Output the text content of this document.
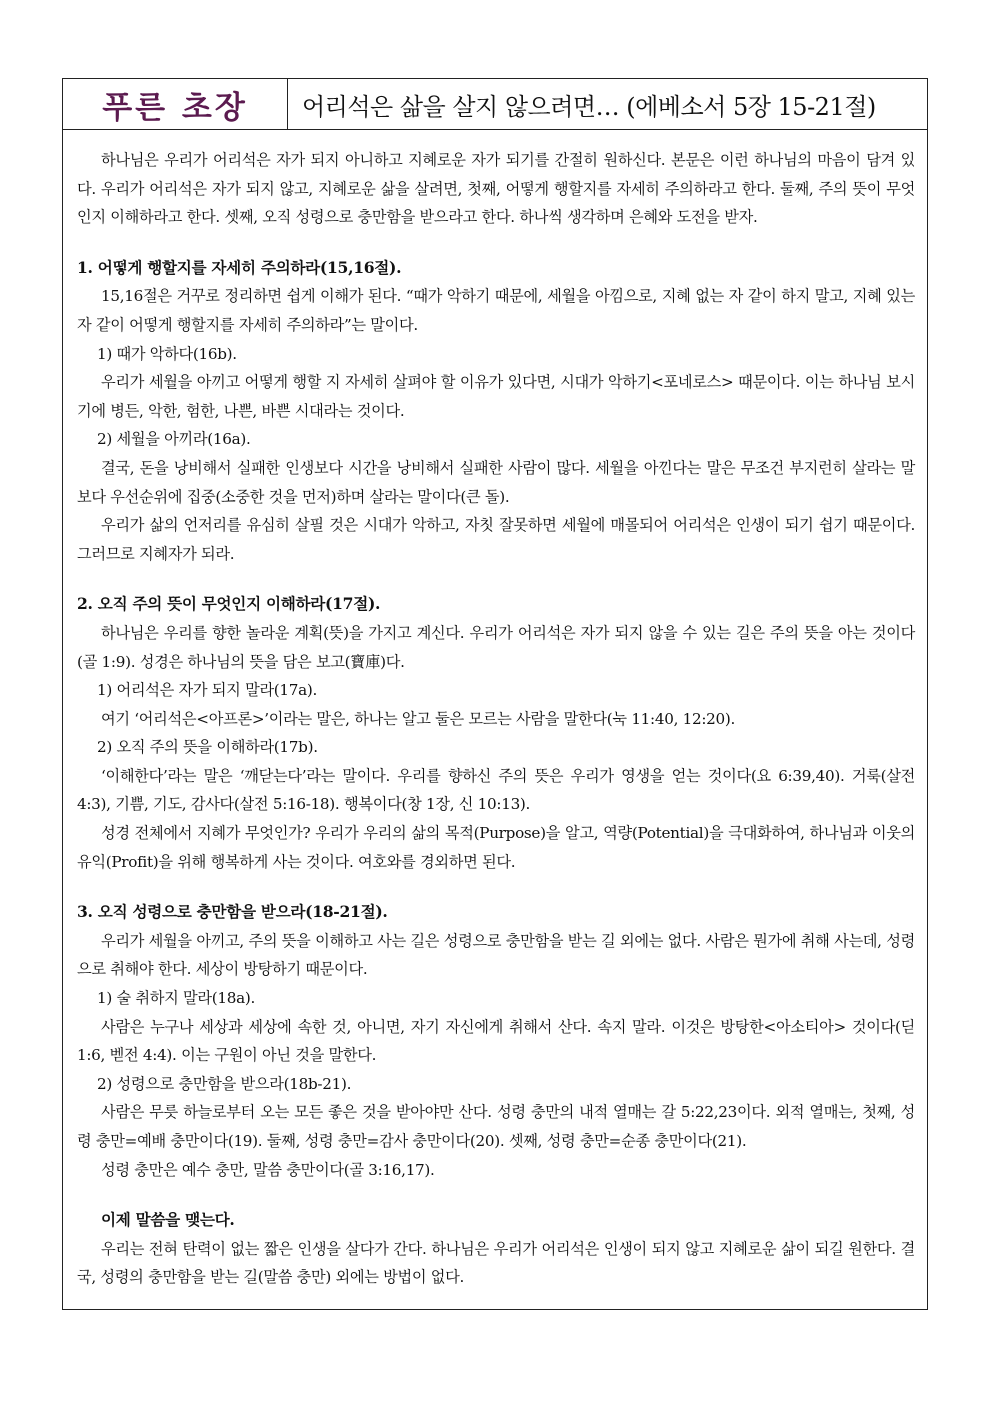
푸른 초장 어리석은 삶을 살지 않으려면… (에베소서 5장 15-21절)

하나님은 우리가 어리석은 자가 되지 아니하고 지혜로운 자가 되기를 간절히 원하신다. 본문은 이런 하나님의 마음이 담겨 있다. 우리가 어리석은 자가 되지 않고, 지혜로운 삶을 살려면, 첫째, 어떻게 행할지를 자세히 주의하라고 한다. 둘째, 주의 뜻이 무엇인지 이해하라고 한다. 셋째, 오직 성령으로 충만함을 받으라고 한다. 하나씩 생각하며 은혜와 도전을 받자.

1. 어떻게 행할지를 자세히 주의하라(15,16절).

15,16절은 거꾸로 정리하면 쉽게 이해가 된다. “때가 악하기 때문에, 세월을 아낌으로, 지혜 없는 자 같이 하지 말고, 지혜 있는 자 같이 어떻게 행할지를 자세히 주의하라”는 말이다.

1) 때가 악하다(16b).

우리가 세월을 아끼고 어떻게 행할 지 자세히 살펴야 할 이유가 있다면, 시대가 악하기<포네로스> 때문이다. 이는 하나님 보시기에 병든, 악한, 험한, 나쁜, 바쁜 시대라는 것이다.

2) 세월을 아끼라(16a).

결국, 돈을 낭비해서 실패한 인생보다 시간을 낭비해서 실패한 사람이 많다. 세월을 아낀다는 말은 무조건 부지런히 살라는 말보다 우선순위에 집중(소중한 것을 먼저)하며 살라는 말이다(큰 돌).

우리가 삶의 언저리를 유심히 살필 것은 시대가 악하고, 자칫 잘못하면 세월에 매몰되어 어리석은 인생이 되기 쉽기 때문이다. 그러므로 지혜자가 되라.

2. 오직 주의 뜻이 무엇인지 이해하라(17절).

하나님은 우리를 향한 놀라운 계획(뜻)을 가지고 계신다. 우리가 어리석은 자가 되지 않을 수 있는 길은 주의 뜻을 아는 것이다(골 1:9). 성경은 하나님의 뜻을 담은 보고(寶庫)다.

1) 어리석은 자가 되지 말라(17a).

여기 ‘어리석은<아프론>’이라는 말은, 하나는 알고 둘은 모르는 사람을 말한다(눅 11:40, 12:20).

2) 오직 주의 뜻을 이해하라(17b).

‘이해한다’라는 말은 ‘깨닫는다’라는 말이다. 우리를 향하신 주의 뜻은 우리가 영생을 얻는 것이다(요 6:39,40). 거룩(살전 4:3), 기쁨, 기도, 감사다(살전 5:16-18). 행복이다(창 1장, 신 10:13).

성경 전체에서 지혜가 무엇인가? 우리가 우리의 삶의 목적(Purpose)을 알고, 역량(Potential)을 극대화하여, 하나님과 이웃의 유익(Profit)을 위해 행복하게 사는 것이다. 여호와를 경외하면 된다.

3. 오직 성령으로 충만함을 받으라(18-21절).

우리가 세월을 아끼고, 주의 뜻을 이해하고 사는 길은 성령으로 충만함을 받는 길 외에는 없다. 사람은 뭔가에 취해 사는데, 성령으로 취해야 한다. 세상이 방탕하기 때문이다.

1) 술 취하지 말라(18a).

사람은 누구나 세상과 세상에 속한 것, 아니면, 자기 자신에게 취해서 산다. 속지 말라. 이것은 방탕한<아소티아> 것이다(딛 1:6, 벧전 4:4). 이는 구원이 아닌 것을 말한다.

2) 성령으로 충만함을 받으라(18b-21).

사람은 무릇 하늘로부터 오는 모든 좋은 것을 받아야만 산다. 성령 충만의 내적 열매는 갈 5:22,23이다. 외적 열매는, 첫째, 성령 충만=예배 충만이다(19). 둘째, 성령 충만=감사 충만이다(20). 셋째, 성령 충만=순종 충만이다(21).

성령 충만은 예수 충만, 말씀 충만이다(골 3:16,17).

이제 말씀을 맺는다.

우리는 전혀 탄력이 없는 짧은 인생을 살다가 간다. 하나님은 우리가 어리석은 인생이 되지 않고 지혜로운 삶이 되길 원한다. 결국, 성령의 충만함을 받는 길(말씀 충만) 외에는 방법이 없다.
